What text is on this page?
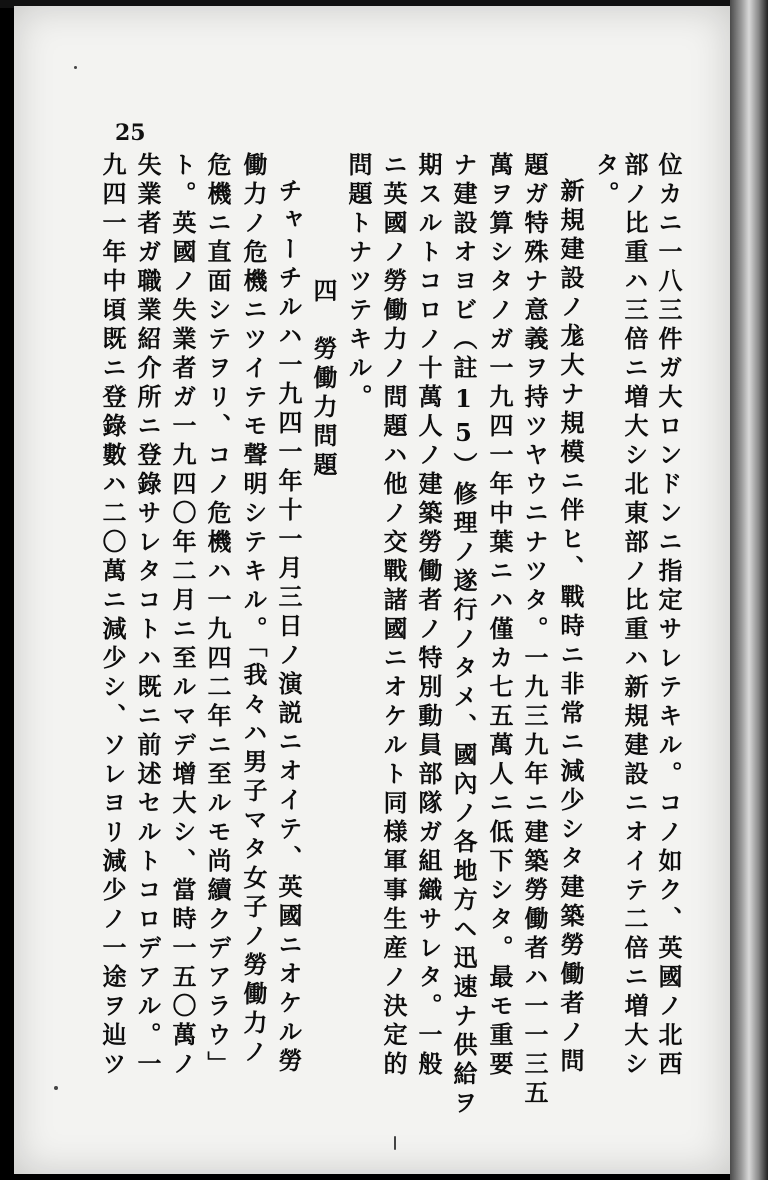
25
位カニ一八三件ガ大ロンドンニ指定サレテキル。コノ如ク、英國ノ北西
部ノ比重ハ三倍ニ増大シ北東部ノ比重ハ新規建設ニオイテ二倍ニ増大シ
タ。
新規建設ノ尨大ナ規模ニ伴ヒ、戰時ニ非常ニ減少シタ建築勞働者ノ問
題ガ特殊ナ意義ヲ持ツヤウニナツタ。一九三九年ニ建築勞働者ハ一一三五
萬ヲ算シタノガ一九四一年中葉ニハ僅カ七五萬人ニ低下シタ。最モ重要
ナ建設オヨビ（註15）修理ノ遂行ノタメ、國內ノ各地方ヘ迅速ナ供給ヲ
期スルトコロノ十萬人ノ建築勞働者ノ特別動員部隊ガ組織サレタ。一般
ニ英國ノ勞働力ノ問題ハ他ノ交戰諸國ニオケルト同様軍事生産ノ決定的
問題トナツテキル。
四　勞働力問題
チャーチルハ一九四一年十一月三日ノ演説ニオイテ、英國ニオケル勞
働力ノ危機ニツイテモ聲明シテキル。「我々ハ男子マタ女子ノ勞働力ノ
危機ニ直面シテヲリ、コノ危機ハ一九四二年ニ至ルモ尚續クデアラウ」
ト。英國ノ失業者ガ一九四〇年二月ニ至ルマデ增大シ、當時一五〇萬ノ
失業者ガ職業紹介所ニ登錄サレタコトハ既ニ前述セルトコロデアル。一
九四一年中頃既ニ登錄數ハ二〇萬ニ減少シ、ソレヨリ減少ノ一途ヲ辿ツ
